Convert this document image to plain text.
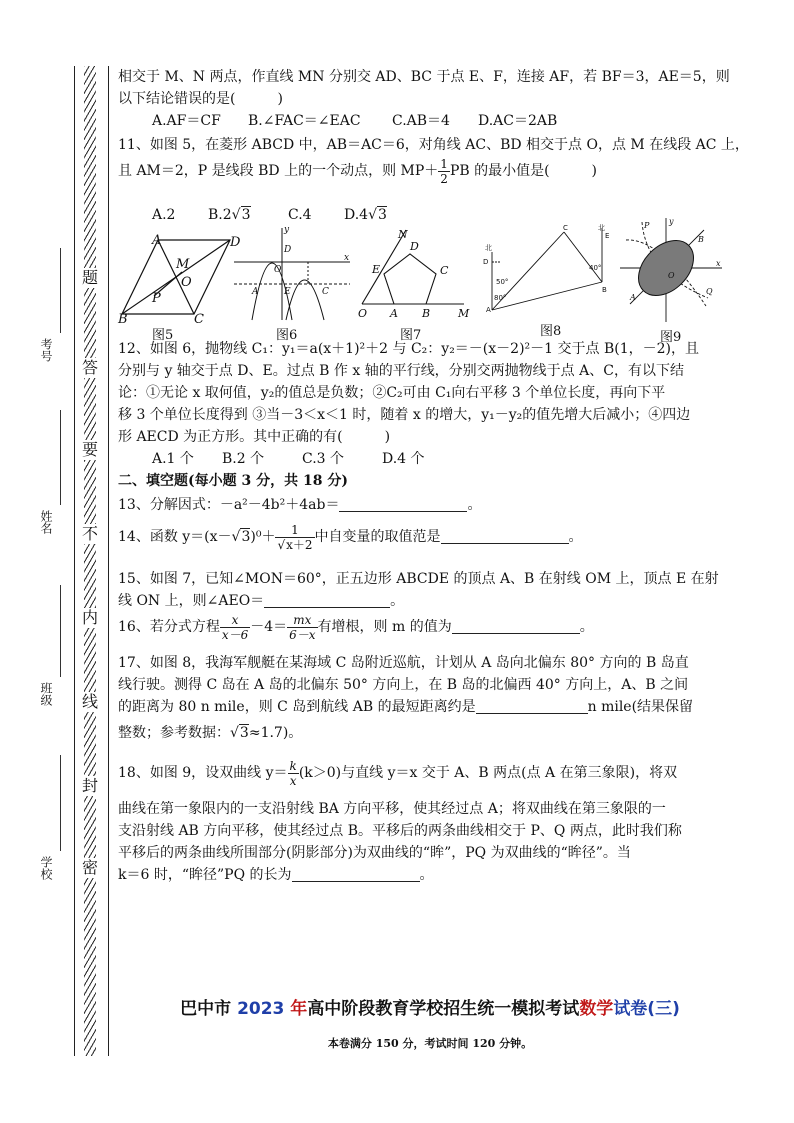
题
答
要
不
内
线
封
密
考号
姓名
班级
学校
相交于 M、N 两点，作直线 MN 分别交 AD、BC 于点 E、F，连接 AF，若 BF＝3，AE＝5，则
以下结论错误的是(　　　)
A.AF＝CF B.∠FAC＝∠EAC C.AB＝4 D.AC＝2AB
11、如图 5，在菱形 ABCD 中，AB＝AC＝6，对角线 AC、BD 相交于点 O，点 M 在线段 AC 上，
且 AM＝2，P 是线段 BD 上的一个动点，则 $MP+ \frac{1}{2}$ PB 的最小值是(　　　)
A.2 B.2√3	C.4 D.4√3
A	D
B	C
M
O
P
图5
y
x
O
D
E
A	C
图6
N
E
D
C
O A B	M
图7
北
D
50°
A
80°
C	北
E
40°
B
图8
y
x
O
B
A
P
Q
图9
12、如图 6，抛物线 C₁：y₁＝a(x＋1)²＋2 与 C₂：y₂＝－(x－2)²－1 交于点 B(1，－2)，且
分别与 y 轴交于点 D、E。过点 B 作 x 轴的平行线，分别交两抛物线于点 A、C，有以下结
论：①无论 x 取何值，y₂的值总是负数；②C₂可由 C₁向右平移 3 个单位长度，再向下平
移 3 个单位长度得到 ③当－3＜x＜1 时，随着 x 的增大，y₁－y₂的值先增大后减小；④四边
形 AECD 为正方形。其中正确的有(　　　)
A.1 个 B.2 个	C.3 个	D.4 个
二、填空题(每小题 3 分，共 18 分)
13、分解因式：－a²－4b²＋4ab＝	。
14、函数 $y=(x-√3)^0+ \frac{1}{√x+2}$ 中自变量的取值范是	。
15、如图 7，已知∠MON＝60°，正五边形 ABCDE 的顶点 A、B 在射线 OM 上，顶点 E 在射
线 ON 上，则∠AEO＝	。
16、若分式方程 $\frac{x}{x-6} -4= \frac{mx}{6-x}$ 有增根，则 m 的值为	。
17、如图 8，我海军舰艇在某海域 C 岛附近巡航，计划从 A 岛向北偏东 80° 方向的 B 岛直
线行驶。测得 C 岛在 A 岛的北偏东 50° 方向上，在 B 岛的北偏西 40° 方向上，A、B 之间
的距离为 80 n mile，则 C 岛到航线 AB 的最短距离约是	n mile(结果保留
整数；参考数据：√3≈1.7)。
18、如图 9，设双曲线 $y= \frac{k}{x} (k>0)$与直线 y＝x 交于 A、B 两点(点 A 在第三象限)，将双
曲线在第一象限内的一支沿射线 BA 方向平移，使其经过点 A；将双曲线在第三象限的一
支沿射线 AB 方向平移，使其经过点 B。平移后的两条曲线相交于 P、Q 两点，此时我们称
平移后的两条曲线所围部分(阴影部分)为双曲线的“眸”，PQ 为双曲线的“眸径”。当
k＝6 时，“眸径”PQ 的长为	。
巴中市 2023 年高中阶段教育学校招生统一模拟考试数学试卷(三)
本卷满分 150 分，考试时间 120 分钟。
